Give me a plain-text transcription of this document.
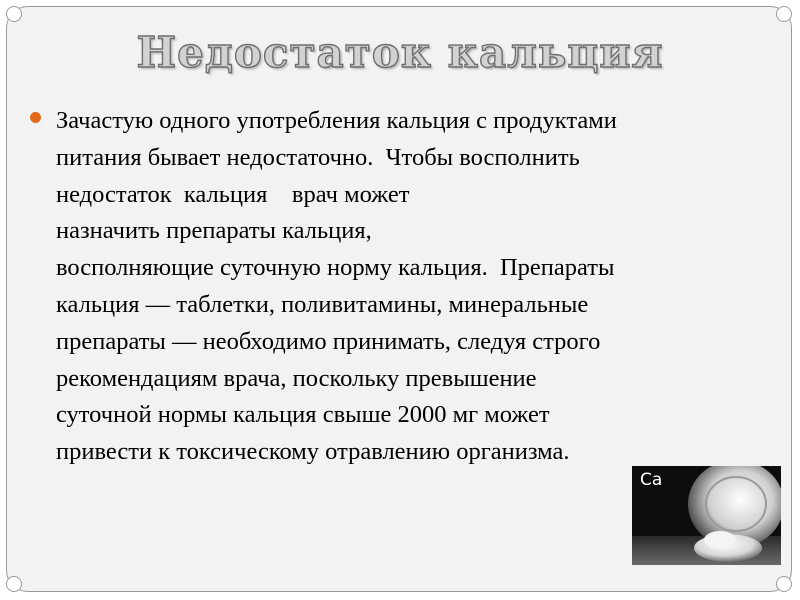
Недостаток кальция

Зачастую одного употребления кальция с продуктами
питания бывает недостаточно.  Чтобы восполнить
недостаток  кальция    врач может
назначить препараты кальция,
восполняющие суточную норму кальция.  Препараты
кальция — таблетки, поливитамины, минеральные
препараты — необходимо принимать, следуя строго
рекомендациям врача, поскольку превышение
суточной нормы кальция свыше 2000 мг может
привести к токсическому отравлению организма.

Ca
